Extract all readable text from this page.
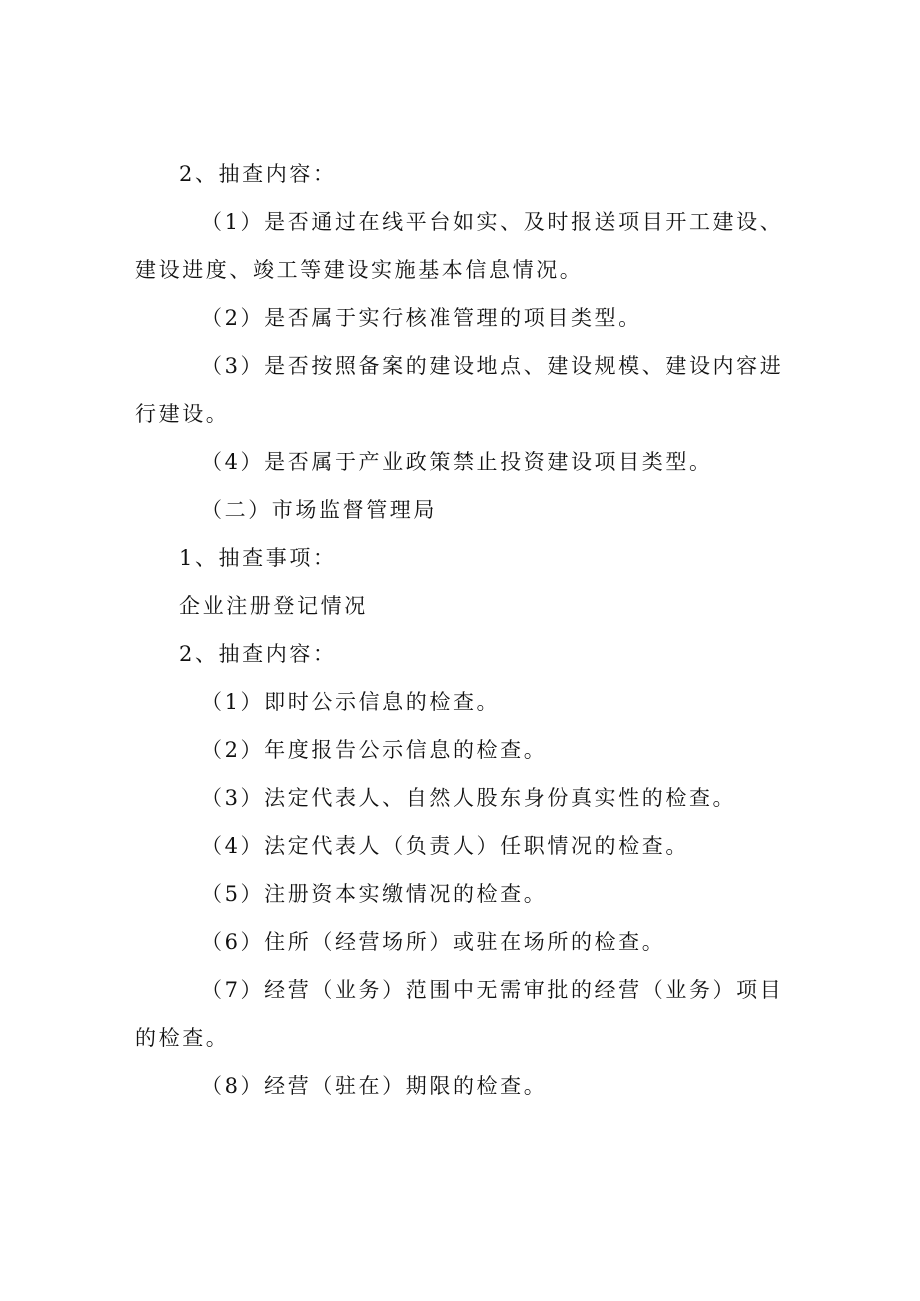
2、抽查内容：

（1）是否通过在线平台如实、及时报送项目开工建设、建设进度、竣工等建设实施基本信息情况。

（2）是否属于实行核准管理的项目类型。

（3）是否按照备案的建设地点、建设规模、建设内容进行建设。

（4）是否属于产业政策禁止投资建设项目类型。

（二）市场监督管理局

1、抽查事项：

企业注册登记情况

2、抽查内容：

（1）即时公示信息的检查。

（2）年度报告公示信息的检查。

（3）法定代表人、自然人股东身份真实性的检查。

（4）法定代表人（负责人）任职情况的检查。

（5）注册资本实缴情况的检查。

（6）住所（经营场所）或驻在场所的检查。

（7）经营（业务）范围中无需审批的经营（业务）项目的检查。

（8）经营（驻在）期限的检查。
